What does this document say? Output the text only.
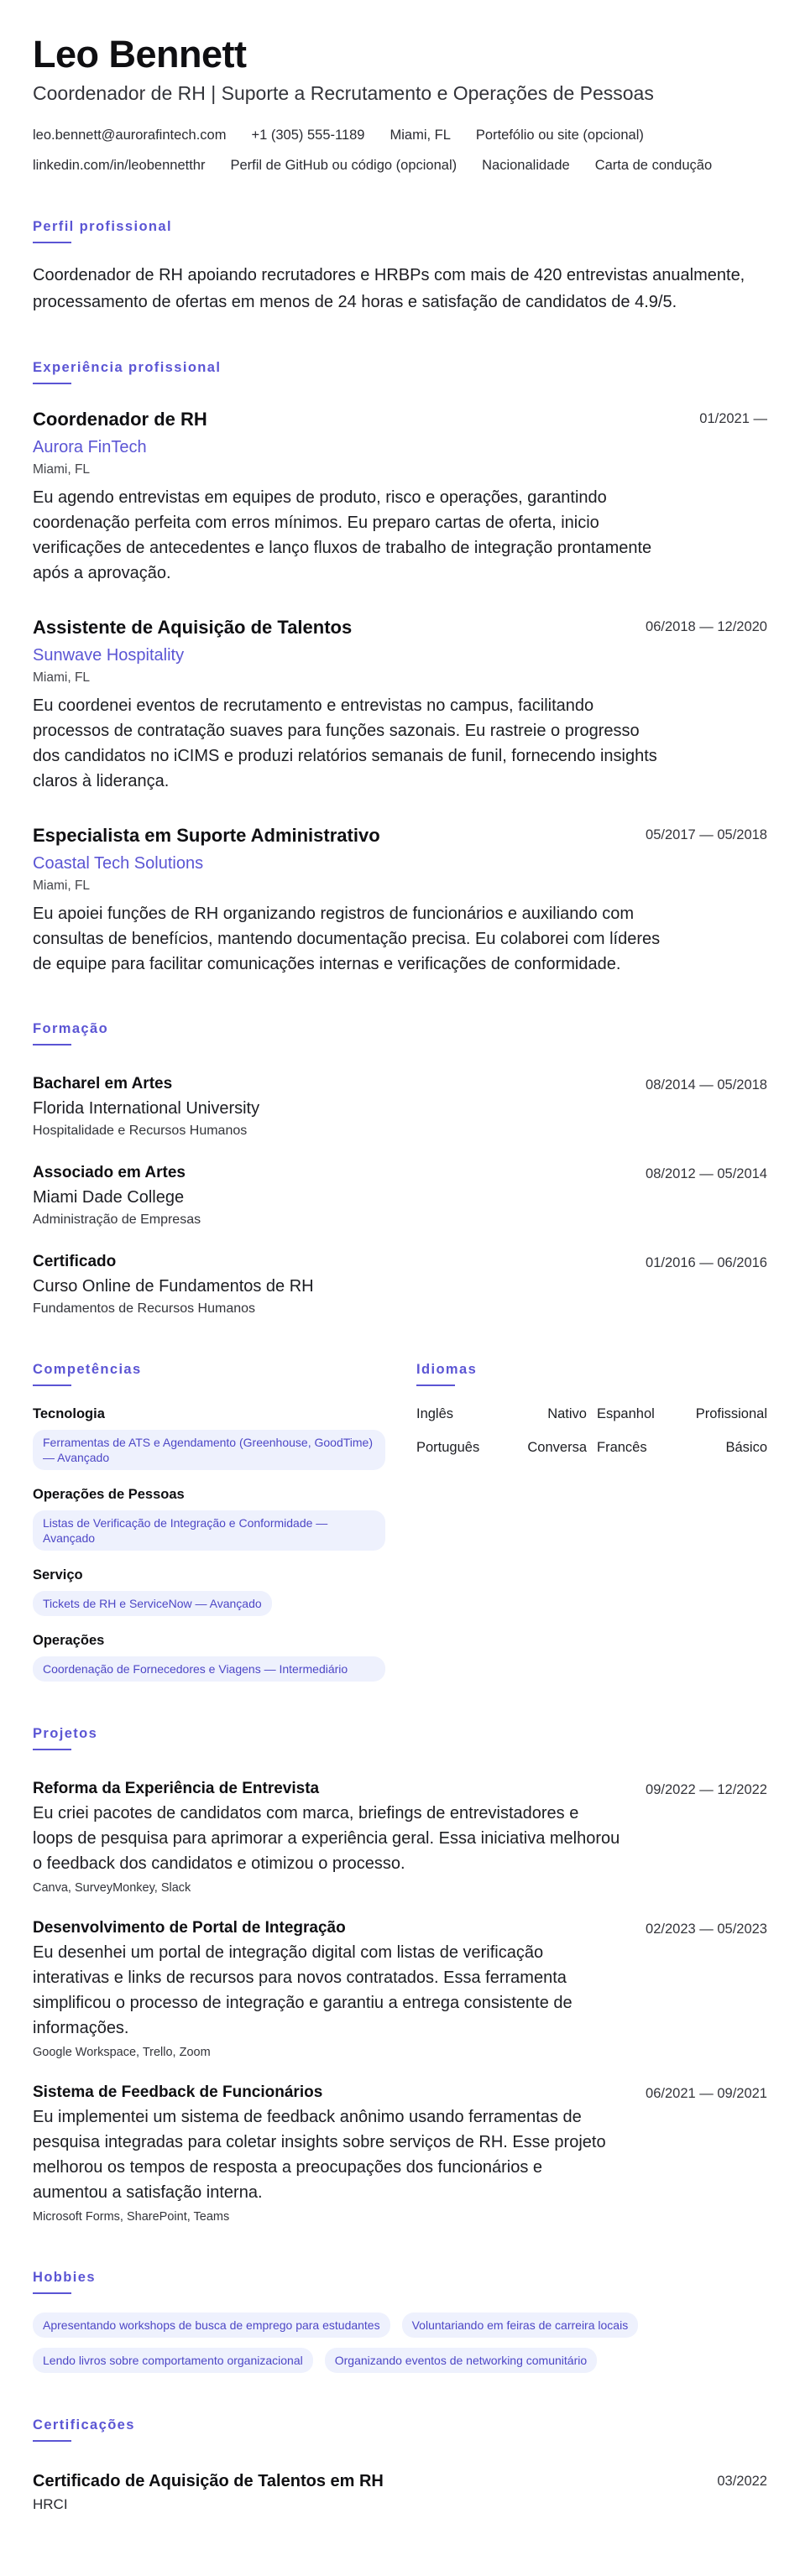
Leo Bennett
Coordenador de RH | Suporte a Recrutamento e Operações de Pessoas
leo.bennett@aurorafintech.com +1 (305) 555-1189 Miami, FL Portefólio ou site (opcional)
linkedin.com/in/leobennetthr Perfil de GitHub ou código (opcional) Nacionalidade Carta de condução
Perfil profissional

Coordenador de RH apoiando recrutadores e HRBPs com mais de 420 entrevistas anualmente, processamento de ofertas em menos de 24 horas e satisfação de candidatos de 4.9/5.

Experiência profissional
Coordenador de RH	01/2021 —
Aurora FinTech
Miami, FL

Eu agendo entrevistas em equipes de produto, risco e operações, garantindo coordenação perfeita com erros mínimos. Eu preparo cartas de oferta, inicio verificações de antecedentes e lanço fluxos de trabalho de integração prontamente após a aprovação.

Assistente de Aquisição de Talentos	06/2018 — 12/2020
Sunwave Hospitality
Miami, FL

Eu coordenei eventos de recrutamento e entrevistas no campus, facilitando processos de contratação suaves para funções sazonais. Eu rastreie o progresso dos candidatos no iCIMS e produzi relatórios semanais de funil, fornecendo insights claros à liderança.

Especialista em Suporte Administrativo	05/2017 — 05/2018
Coastal Tech Solutions
Miami, FL

Eu apoiei funções de RH organizando registros de funcionários e auxiliando com consultas de benefícios, mantendo documentação precisa. Eu colaborei com líderes de equipe para facilitar comunicações internas e verificações de conformidade.

Formação
Bacharel em Artes	08/2014 — 05/2018
Florida International University
Hospitalidade e Recursos Humanos
Associado em Artes	08/2012 — 05/2014
Miami Dade College
Administração de Empresas
Certificado	01/2016 — 06/2016
Curso Online de Fundamentos de RH
Fundamentos de Recursos Humanos
Competências
Tecnologia
Ferramentas de ATS e Agendamento (Greenhouse, GoodTime) — Avançado
Operações de Pessoas
Listas de Verificação de Integração e Conformidade — Avançado
Serviço
Tickets de RH e ServiceNow — Avançado
Operações
Coordenação de Fornecedores e Viagens — Intermediário
Idiomas
Inglês	Nativo Espanhol	Profissional
Português	Conversa Francês	Básico
Projetos
Reforma da Experiência de Entrevista	09/2022 — 12/2022

Eu criei pacotes de candidatos com marca, briefings de entrevistadores e loops de pesquisa para aprimorar a experiência geral. Essa iniciativa melhorou o feedback dos candidatos e otimizou o processo.

Canva, SurveyMonkey, Slack
Desenvolvimento de Portal de Integração	02/2023 — 05/2023

Eu desenhei um portal de integração digital com listas de verificação interativas e links de recursos para novos contratados. Essa ferramenta simplificou o processo de integração e garantiu a entrega consistente de informações.

Google Workspace, Trello, Zoom
Sistema de Feedback de Funcionários	06/2021 — 09/2021

Eu implementei um sistema de feedback anônimo usando ferramentas de pesquisa integradas para coletar insights sobre serviços de RH. Esse projeto melhorou os tempos de resposta a preocupações dos funcionários e aumentou a satisfação interna.

Microsoft Forms, SharePoint, Teams
Hobbies
Apresentando workshops de busca de emprego para estudantes	Voluntariando em feiras de carreira locais
Lendo livros sobre comportamento organizacional	Organizando eventos de networking comunitário
Certificações
Certificado de Aquisição de Talentos em RH	03/2022
HRCI
